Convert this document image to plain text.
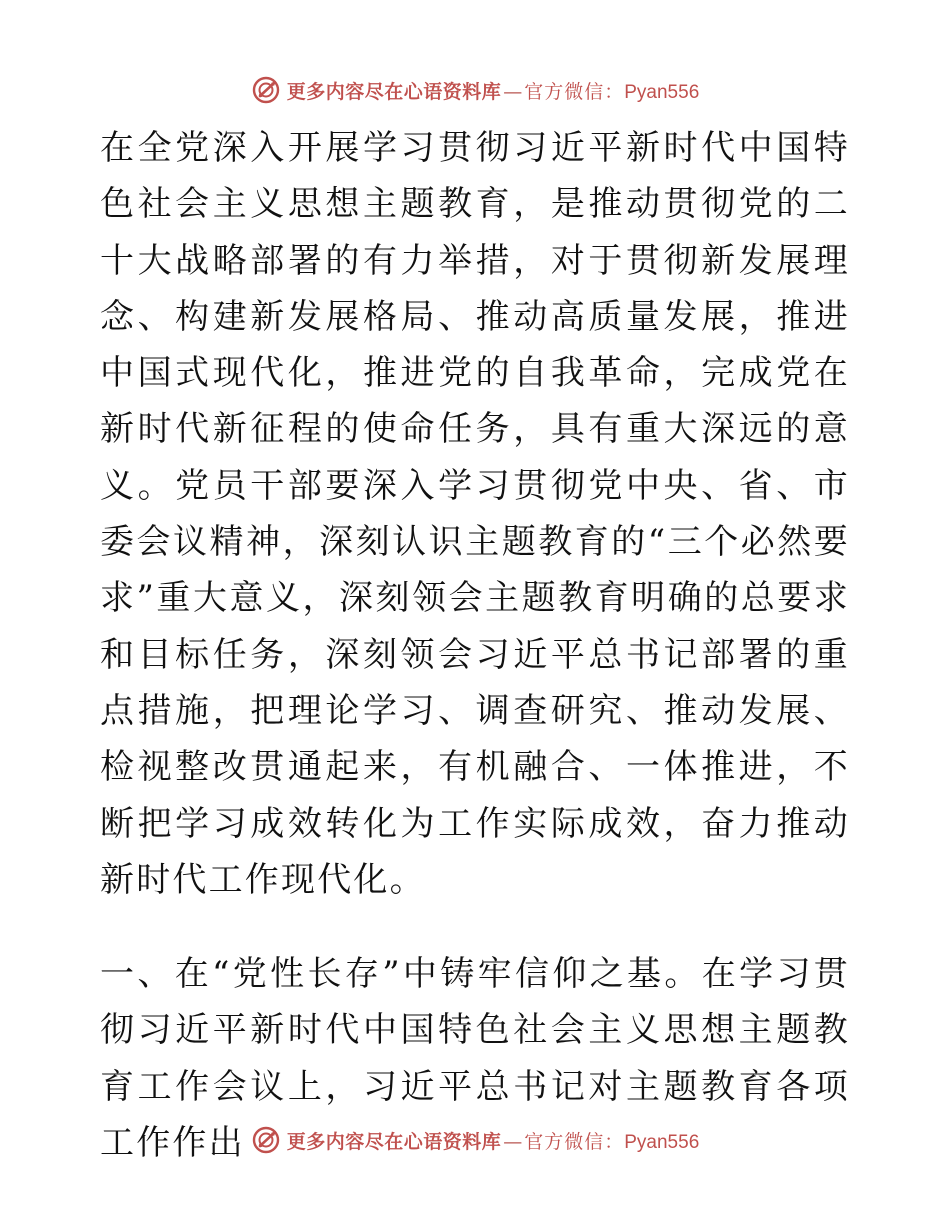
更多内容尽在心语资料库 — 官方微信： Pyan556

在全党深入开展学习贯彻习近平新时代中国特色社会主义思想主题教育，是推动贯彻党的二十大战略部署的有力举措，对于贯彻新发展理念、构建新发展格局、推动高质量发展，推进中国式现代化，推进党的自我革命，完成党在新时代新征程的使命任务，具有重大深远的意义。党员干部要深入学习贯彻党中央、省、市委会议精神，深刻认识主题教育的“三个必然要求”重大意义，深刻领会主题教育明确的总要求和目标任务，深刻领会习近平总书记部署的重点措施，把理论学习、调查研究、推动发展、检视整改贯通起来，有机融合、一体推进，不断把学习成效转化为工作实际成效，奋力推动新时代工作现代化。

一、在“党性长存”中铸牢信仰之基。在学习贯彻习近平新时代中国特色社会主义思想主题教育工作会议上，习近平总书记对主题教育各项工作作出	更多内容尽在心语资料库 — 官方微信： Pyan556
